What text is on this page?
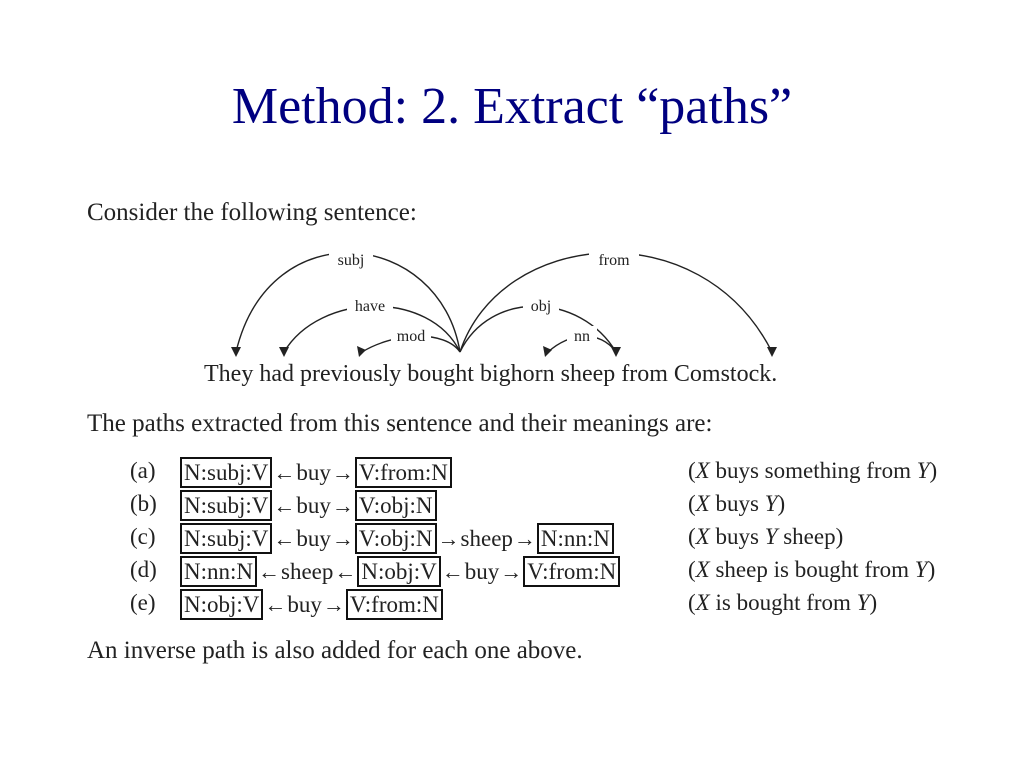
Method: 2. Extract “paths”
Consider the following sentence:
subj
have
mod
from
obj
nn
They had previously bought bighorn sheep from Comstock.
The paths extracted from this sentence and their meanings are:
(a) N:subj:V ← buy → V:from:N	(X buys something from Y)
(b) N:subj:V ← buy → V:obj:N	(X buys Y)
(c) N:subj:V ← buy → V:obj:N → sheep → N:nn:N	(X buys Y sheep)
(d) N:nn:N ← sheep ← N:obj:V ← buy → V:from:N	(X sheep is bought from Y)
(e) N:obj:V ← buy → V:from:N	(X is bought from Y)
An inverse path is also added for each one above.
